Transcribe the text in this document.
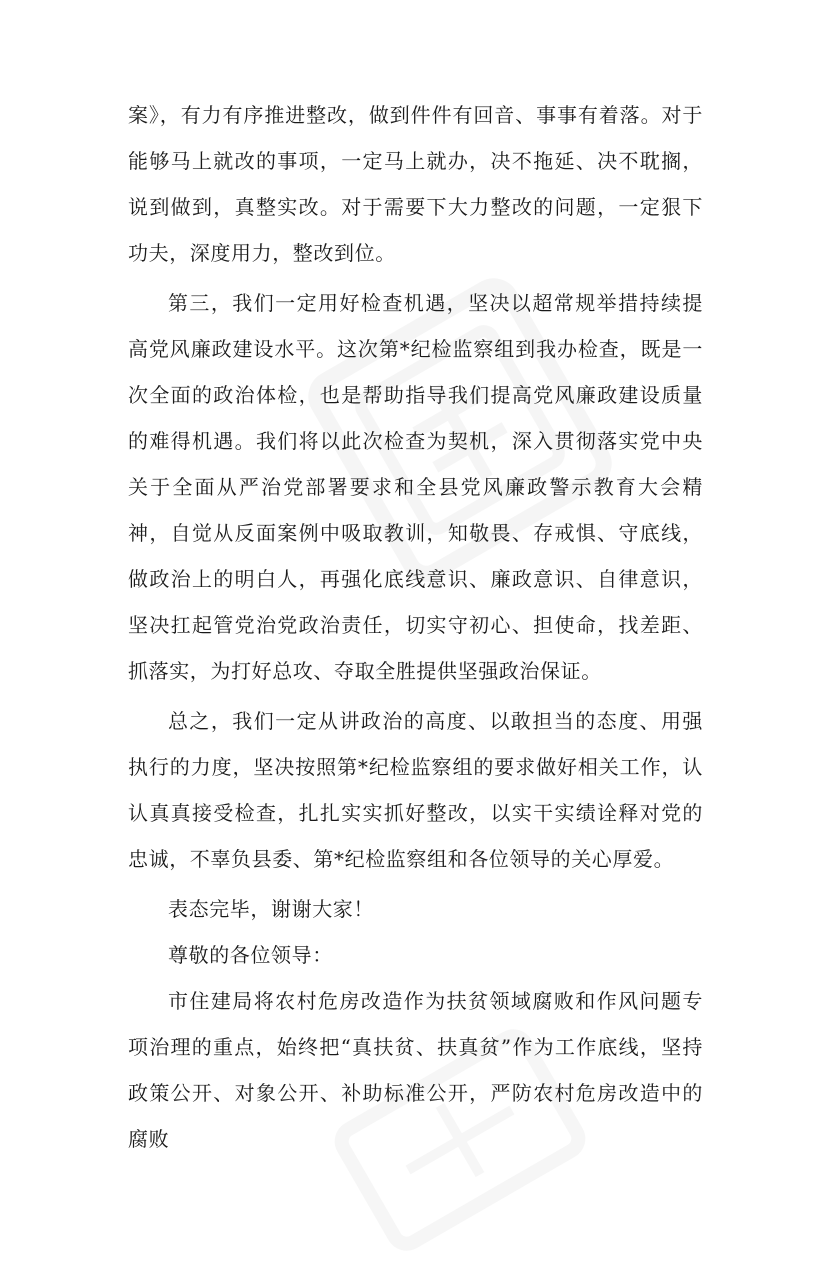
案》，有力有序推进整改，做到件件有回音、事事有着落。对于能够马上就改的事项，一定马上就办，决不拖延、决不耽搁，说到做到，真整实改。对于需要下大力整改的问题，一定狠下功夫，深度用力，整改到位。

第三，我们一定用好检查机遇，坚决以超常规举措持续提高党风廉政建设水平。这次第*纪检监察组到我办检查，既是一次全面的政治体检，也是帮助指导我们提高党风廉政建设质量的难得机遇。我们将以此次检查为契机，深入贯彻落实党中央关于全面从严治党部署要求和全县党风廉政警示教育大会精神，自觉从反面案例中吸取教训，知敬畏、存戒惧、守底线，做政治上的明白人，再强化底线意识、廉政意识、自律意识，坚决扛起管党治党政治责任，切实守初心、担使命，找差距、抓落实，为打好总攻、夺取全胜提供坚强政治保证。

总之，我们一定从讲政治的高度、以敢担当的态度、用强执行的力度，坚决按照第*纪检监察组的要求做好相关工作，认认真真接受检查，扎扎实实抓好整改，以实干实绩诠释对党的忠诚，不辜负县委、第*纪检监察组和各位领导的关心厚爱。

表态完毕，谢谢大家！

尊敬的各位领导：

市住建局将农村危房改造作为扶贫领域腐败和作风问题专项治理的重点，始终把“真扶贫、扶真贫”作为工作底线，坚持政策公开、对象公开、补助标准公开，严防农村危房改造中的腐败
